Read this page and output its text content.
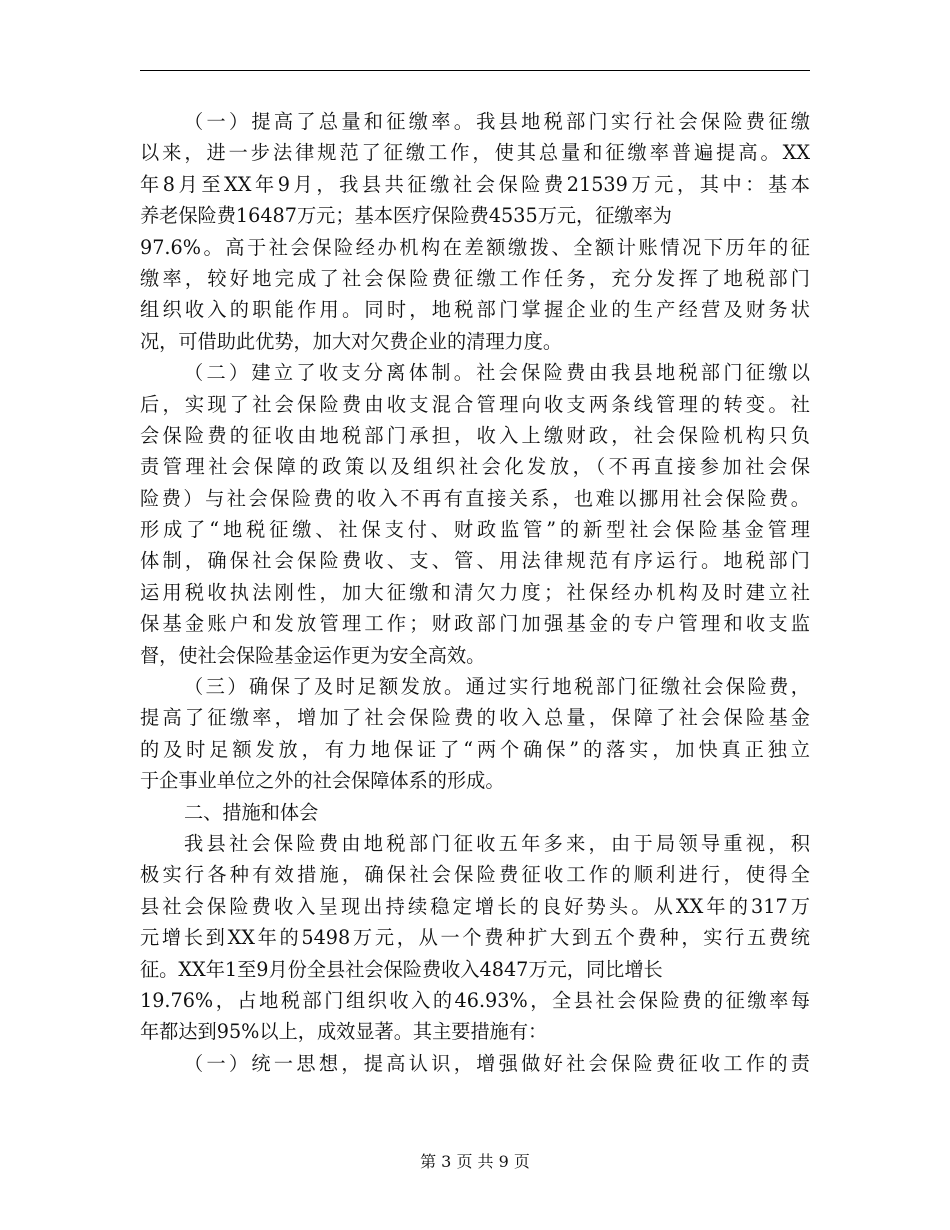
（一）提高了总量和征缴率。我县地税部门实行社会保险费征缴
以来，进一步法律规范了征缴工作，使其总量和征缴率普遍提高。XX
年8月至XX年9月，我县共征缴社会保险费21539万元，其中：基本
养老保险费16487万元；基本医疗保险费4535万元，征缴率为
97.6%。高于社会保险经办机构在差额缴拨、全额计账情况下历年的征
缴率，较好地完成了社会保险费征缴工作任务，充分发挥了地税部门
组织收入的职能作用。同时，地税部门掌握企业的生产经营及财务状
况，可借助此优势，加大对欠费企业的清理力度。
（二）建立了收支分离体制。社会保险费由我县地税部门征缴以
后，实现了社会保险费由收支混合管理向收支两条线管理的转变。社
会保险费的征收由地税部门承担，收入上缴财政，社会保险机构只负
责管理社会保障的政策以及组织社会化发放，（不再直接参加社会保
险费）与社会保险费的收入不再有直接关系，也难以挪用社会保险费。
形成了“地税征缴、社保支付、财政监管”的新型社会保险基金管理
体制，确保社会保险费收、支、管、用法律规范有序运行。地税部门
运用税收执法刚性，加大征缴和清欠力度；社保经办机构及时建立社
保基金账户和发放管理工作；财政部门加强基金的专户管理和收支监
督，使社会保险基金运作更为安全高效。
（三）确保了及时足额发放。通过实行地税部门征缴社会保险费，
提高了征缴率，增加了社会保险费的收入总量，保障了社会保险基金
的及时足额发放，有力地保证了“两个确保”的落实，加快真正独立
于企事业单位之外的社会保障体系的形成。
二、措施和体会
我县社会保险费由地税部门征收五年多来，由于局领导重视，积
极实行各种有效措施，确保社会保险费征收工作的顺利进行，使得全
县社会保险费收入呈现出持续稳定增长的良好势头。从XX年的317万
元增长到XX年的5498万元，从一个费种扩大到五个费种，实行五费统
征。XX年1至9月份全县社会保险费收入4847万元，同比增长
19.76%，占地税部门组织收入的46.93%，全县社会保险费的征缴率每
年都达到95%以上，成效显著。其主要措施有：
（一）统一思想，提高认识，增强做好社会保险费征收工作的责
第 3 页 共 9 页
